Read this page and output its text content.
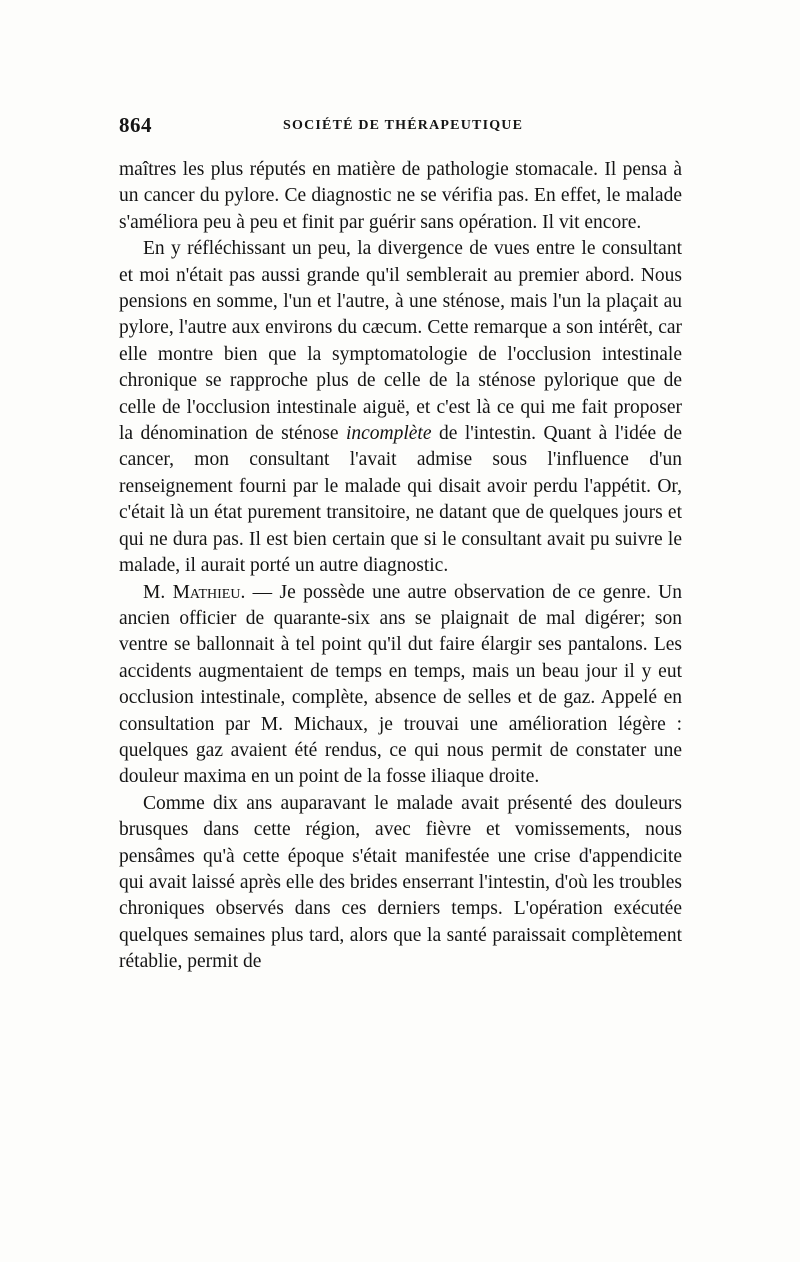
864	SOCIÉTÉ DE THÉRAPEUTIQUE

maîtres les plus réputés en matière de pathologie stomacale. Il pensa à un cancer du pylore. Ce diagnostic ne se vérifia pas. En effet, le malade s'améliora peu à peu et finit par guérir sans opération. Il vit encore.

En y réfléchissant un peu, la divergence de vues entre le consultant et moi n'était pas aussi grande qu'il semblerait au premier abord. Nous pensions en somme, l'un et l'autre, à une sténose, mais l'un la plaçait au pylore, l'autre aux environs du cæcum. Cette remarque a son intérêt, car elle montre bien que la symptomatologie de l'occlusion intestinale chronique se rapproche plus de celle de la sténose pylorique que de celle de l'occlusion intestinale aiguë, et c'est là ce qui me fait proposer la dénomination de sténose incomplète de l'intestin. Quant à l'idée de cancer, mon consultant l'avait admise sous l'influence d'un renseignement fourni par le malade qui disait avoir perdu l'appétit. Or, c'était là un état purement transitoire, ne datant que de quelques jours et qui ne dura pas. Il est bien certain que si le consultant avait pu suivre le malade, il aurait porté un autre diagnostic.

M. Mathieu. — Je possède une autre observation de ce genre. Un ancien officier de quarante-six ans se plaignait de mal digérer; son ventre se ballonnait à tel point qu'il dut faire élargir ses pantalons. Les accidents augmentaient de temps en temps, mais un beau jour il y eut occlusion intestinale, complète, absence de selles et de gaz. Appelé en consultation par M. Michaux, je trouvai une amélioration légère : quelques gaz avaient été rendus, ce qui nous permit de constater une douleur maxima en un point de la fosse iliaque droite.

Comme dix ans auparavant le malade avait présenté des douleurs brusques dans cette région, avec fièvre et vomissements, nous pensâmes qu'à cette époque s'était manifestée une crise d'appendicite qui avait laissé après elle des brides enserrant l'intestin, d'où les troubles chroniques observés dans ces derniers temps. L'opération exécutée quelques semaines plus tard, alors que la santé paraissait complètement rétablie, permit de
